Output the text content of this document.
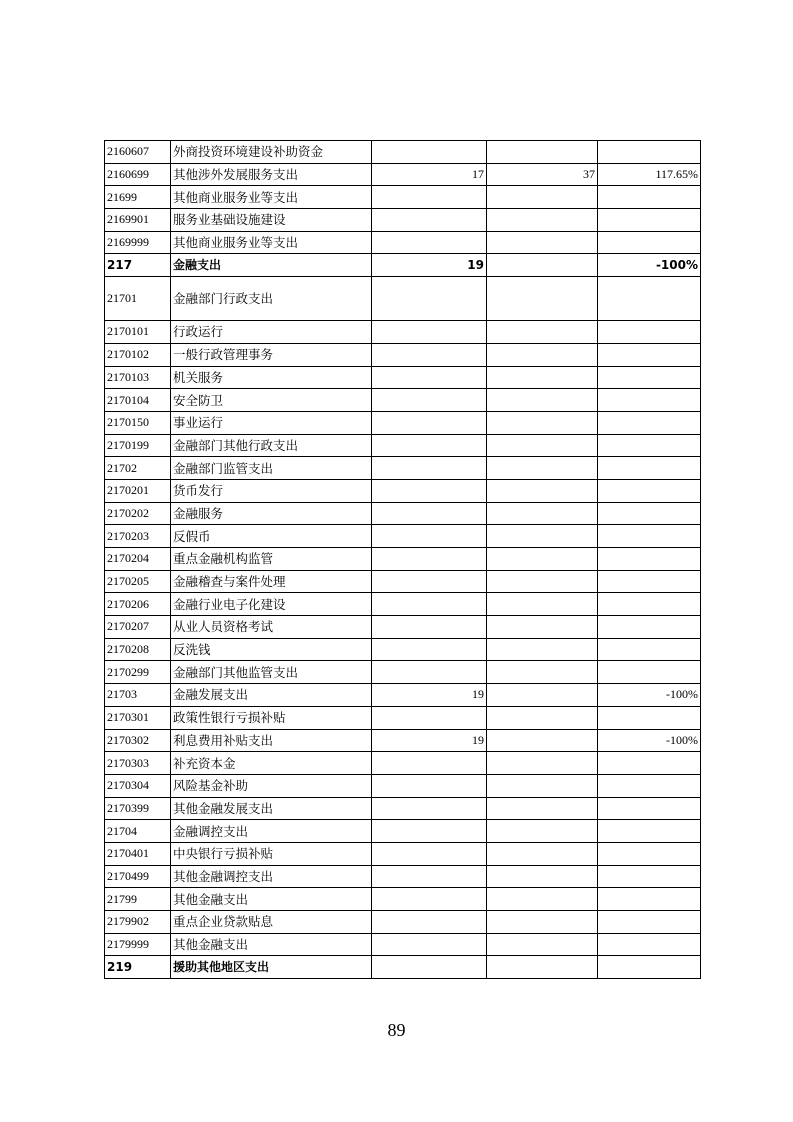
2160607	外商投资环境建设补助资金			
2160699	其他涉外发展服务支出	17	37	117.65%
21699	其他商业服务业等支出			
2169901	服务业基础设施建设			
2169999	其他商业服务业等支出			
217	金融支出	19		-100%
21701	金融部门行政支出			
2170101	行政运行			
2170102	一般行政管理事务			
2170103	机关服务			
2170104	安全防卫			
2170150	事业运行			
2170199	金融部门其他行政支出			
21702	金融部门监管支出			
2170201	货币发行			
2170202	金融服务			
2170203	反假币			
2170204	重点金融机构监管			
2170205	金融稽查与案件处理			
2170206	金融行业电子化建设			
2170207	从业人员资格考试			
2170208	反洗钱			
2170299	金融部门其他监管支出			
21703	金融发展支出	19		-100%
2170301	政策性银行亏损补贴			
2170302	利息费用补贴支出	19		-100%
2170303	补充资本金			
2170304	风险基金补助			
2170399	其他金融发展支出			
21704	金融调控支出			
2170401	中央银行亏损补贴			
2170499	其他金融调控支出			
21799	其他金融支出			
2179902	重点企业贷款贴息			
2179999	其他金融支出			
219	援助其他地区支出			
89
